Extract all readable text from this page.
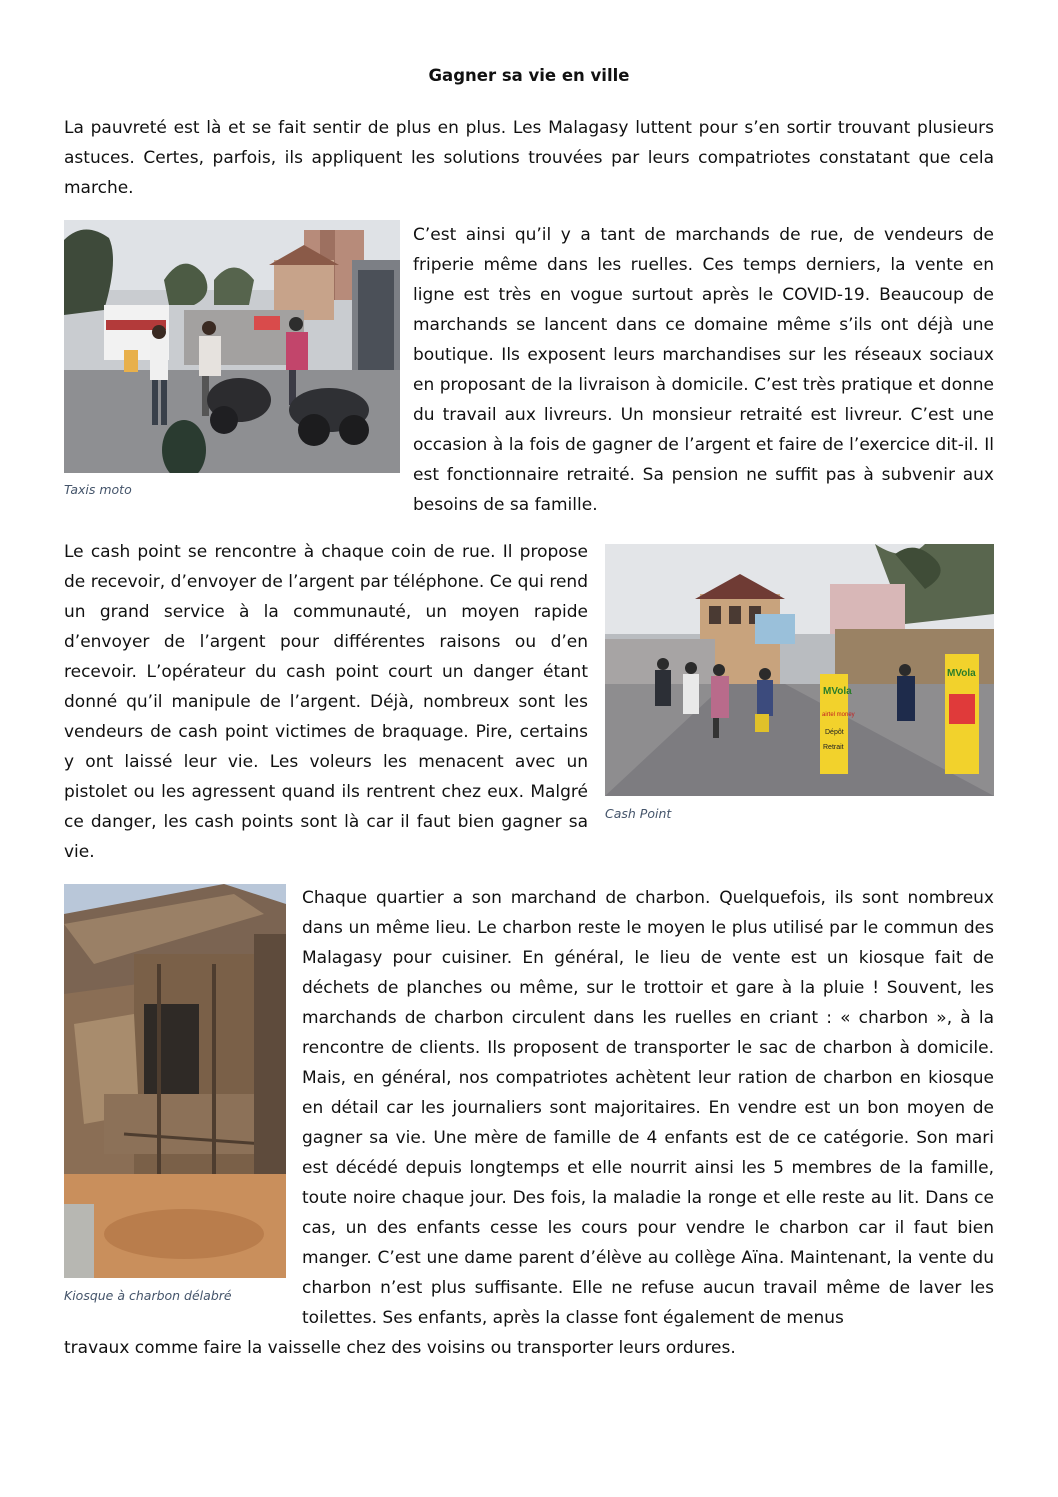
Gagner sa vie en ville

La pauvreté est là et se fait sentir de plus en plus. Les Malagasy luttent pour s’en sortir trouvant plusieurs astuces. Certes, parfois, ils appliquent les solutions trouvées par leurs compatriotes constatant que cela marche.

Taxis moto

C’est ainsi qu’il y a tant de marchands de rue, de vendeurs de friperie même dans les ruelles. Ces temps derniers, la vente en ligne est très en vogue surtout après le COVID-19. Beaucoup de marchands se lancent dans ce domaine même s’ils ont déjà une boutique. Ils exposent leurs marchandises sur les réseaux sociaux en proposant de la livraison à domicile. C’est très pratique et donne du travail aux livreurs. Un monsieur retraité est livreur. C’est une occasion à la fois de gagner de l’argent et faire de l’exercice dit-il. Il est fonctionnaire retraité. Sa pension ne suffit pas à subvenir aux besoins de sa famille.

Le cash point se rencontre à chaque coin de rue. Il propose de recevoir, d’envoyer de l’argent par téléphone. Ce qui rend un grand service à la communauté, un moyen rapide d’envoyer de l’argent pour différentes raisons ou d’en recevoir. L’opérateur du cash point court un danger étant donné qu’il manipule de l’argent. Déjà, nombreux sont les vendeurs de cash point victimes de braquage. Pire, certains y ont laissé leur vie. Les voleurs les menacent avec un pistolet ou les agressent quand ils rentrent chez eux. Malgré ce danger, les cash points sont là car il faut bien gagner sa vie.

MVola
airtel money
Dépôt
Retrait
MVola
Cash Point
Kiosque à charbon délabré

Chaque quartier a son marchand de charbon. Quelquefois, ils sont nombreux dans un même lieu. Le charbon reste le moyen le plus utilisé par le commun des Malagasy pour cuisiner. En général, le lieu de vente est un kiosque fait de déchets de planches ou même, sur le trottoir et gare à la pluie ! Souvent, les marchands de charbon circulent dans les ruelles en criant : « charbon », à la rencontre de clients. Ils proposent de transporter le sac de charbon à domicile. Mais, en général, nos compatriotes achètent leur ration de charbon en kiosque en détail car les journaliers sont majoritaires. En vendre est un bon moyen de gagner sa vie. Une mère de famille de 4 enfants est de ce catégorie. Son mari est décédé depuis longtemps et elle nourrit ainsi les 5 membres de la famille, toute noire chaque jour. Des fois, la maladie la ronge et elle reste au lit. Dans ce cas, un des enfants cesse les cours pour vendre le charbon car il faut bien manger. C’est une dame parent d’élève au collège Aïna. Maintenant, la vente du charbon n’est plus suffisante. Elle ne refuse aucun travail même de laver les toilettes. Ses enfants, après la classe font également de menus

travaux comme faire la vaisselle chez des voisins ou transporter leurs ordures.
